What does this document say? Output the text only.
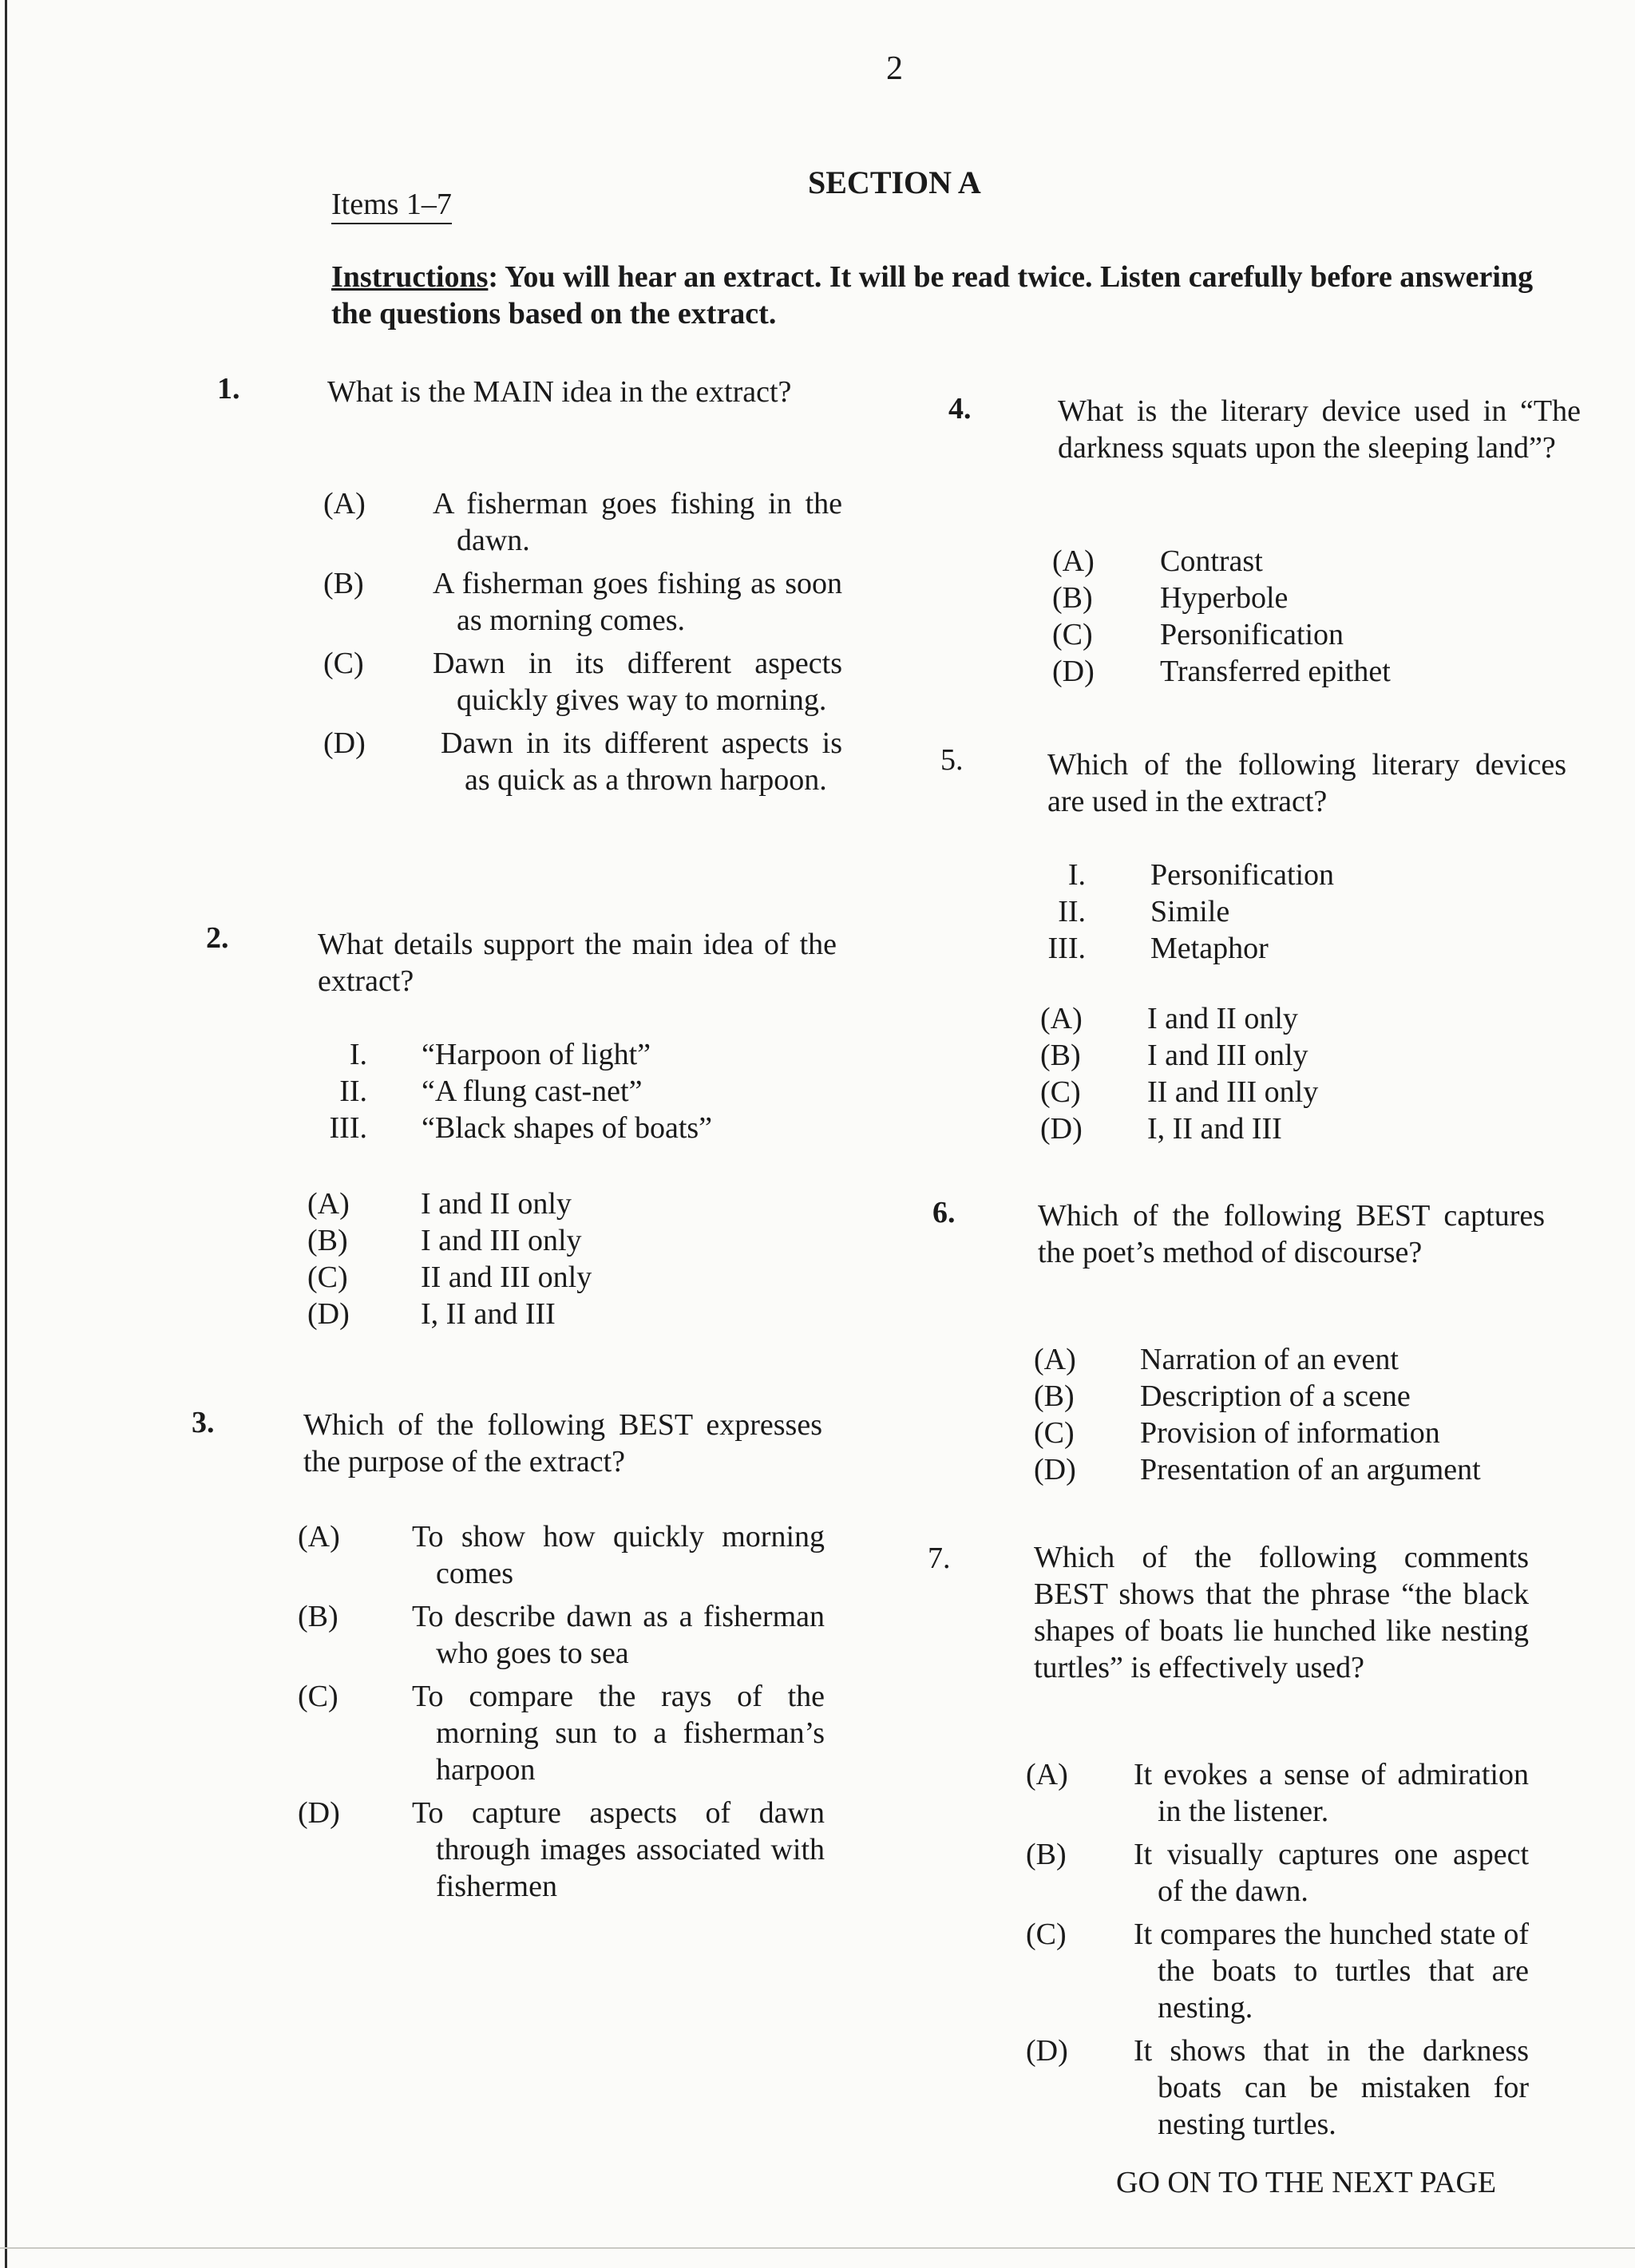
2
SECTION A
Items 1–7
Instructions: You will hear an extract. It will be read twice. Listen carefully before answering the questions based on the extract.
1.	What is the MAIN idea in the extract?
(A)	A fisherman goes fishing in the dawn.
(B)	A fisherman goes fishing as soon as morning comes.
(C)	Dawn in its different aspects quickly gives way to morning.
(D)	Dawn in its different aspects is as quick as a thrown harpoon.
2.	What details support the main idea of the extract?
I.	“Harpoon of light”
II.	“A flung cast-net”
III.	“Black shapes of boats”
(A)	I and II only
(B)	I and III only
(C)	II and III only
(D)	I, II and III
3.	Which of the following BEST expresses the purpose of the extract?
(A)	To show how quickly morning comes
(B)	To describe dawn as a fisherman who goes to sea
(C)	To compare the rays of the morning sun to a fisherman’s harpoon
(D)	To capture aspects of dawn through images associated with fishermen
4.	What is the literary device used in “The darkness squats upon the sleeping land”?
(A)	Contrast
(B)	Hyperbole
(C)	Personification
(D)	Transferred epithet
5.	Which of the following literary devices are used in the extract?
I.	Personification
II.	Simile
III.	Metaphor
(A)	I and II only
(B)	I and III only
(C)	II and III only
(D)	I, II and III
6.	Which of the following BEST captures the poet’s method of discourse?
(A)	Narration of an event
(B)	Description of a scene
(C)	Provision of information
(D)	Presentation of an argument
7.	Which of the following comments BEST shows that the phrase “the black shapes of boats lie hunched like nesting turtles” is effectively used?
(A)	It evokes a sense of admiration in the listener.
(B)	It visually captures one aspect of the dawn.
(C)	It compares the hunched state of the boats to turtles that are nesting.
(D)	It shows that in the darkness boats can be mistaken for nesting turtles.
GO ON TO THE NEXT PAGE
